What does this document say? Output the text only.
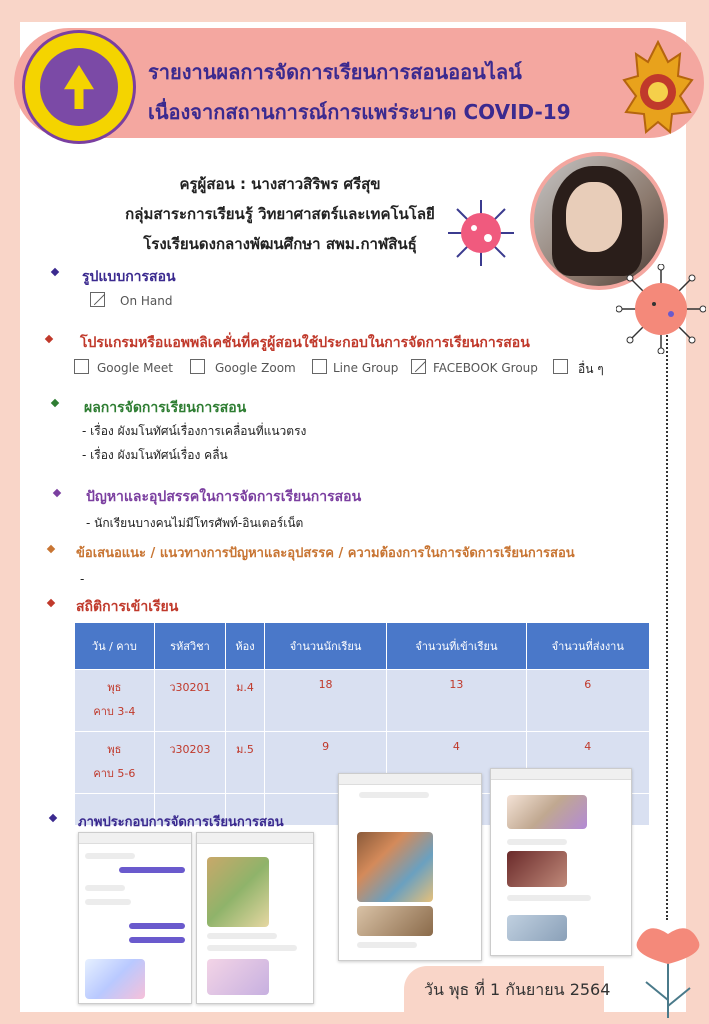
รายงานผลการจัดการเรียนการสอนออนไลน์
เนื่องจากสถานการณ์การแพร่ระบาด COVID-19
ครูผู้สอน : นางสาวสิริพร ศรีสุข
กลุ่มสาระการเรียนรู้ วิทยาศาสตร์และเทคโนโลยี
โรงเรียนดงกลางพัฒนศึกษา สพม.กาฬสินธุ์
รูปแบบการสอน
On Hand
โปรแกรมหรือแอพพลิเคชั่นที่ครูผู้สอนใช้ประกอบในการจัดการเรียนการสอน
Google Meet	Google Zoom	Line Group	FACEBOOK Group	อื่น ๆ
ผลการจัดการเรียนการสอน
- เรื่อง ผังมโนทัศน์เรื่องการเคลื่อนที่แนวตรง
- เรื่อง ผังมโนทัศน์เรื่อง คลื่น
ปัญหาและอุปสรรคในการจัดการเรียนการสอน
- นักเรียนบางคนไม่มีโทรศัพท์-อินเตอร์เน็ต
ข้อเสนอแนะ / แนวทางการปัญหาและอุปสรรค / ความต้องการในการจัดการเรียนการสอน
-
สถิติการเข้าเรียน
วัน / คาบ	รหัสวิชา	ห้อง	จำนวนนักเรียน	จำนวนที่เข้าเรียน	จำนวนที่ส่งงาน

พุธ
คาบ 3-4	ว30201	ม.4	18	13	6

พุธ
คาบ 5-6	ว30203	ม.5	9	4	4

ภาพประกอบการจัดการเรียนการสอน
วัน พุธ ที่ 1 กันยายน 2564
